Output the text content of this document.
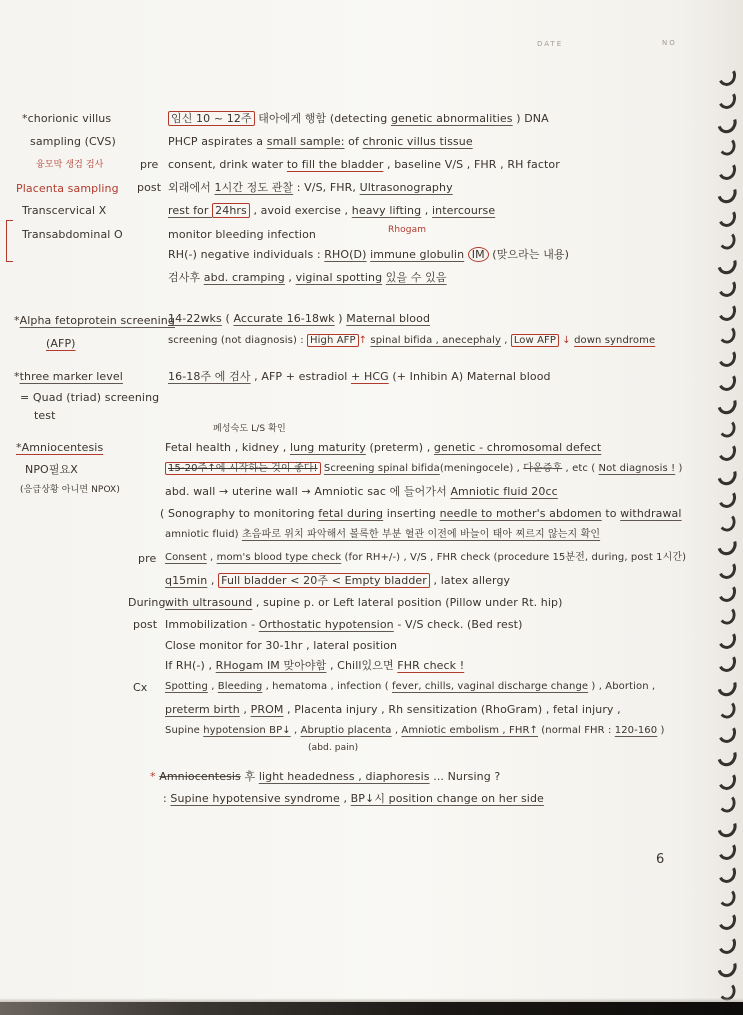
DATE	NO
*chorionic villus
sampling (CVS)
융모막 생검 검사
Placenta sampling
Transcervical X
Transabdominal O
pre
post
임신 10 ~ 12주 태아에게 행함 (detecting genetic abnormalities ) DNA
PHCP aspirates a small sample: of chronic villus tissue
consent, drink water to fill the bladder , baseline V/S , FHR , RH factor
외래에서 1시간 정도 관찰 : V/S, FHR, Ultrasonography
rest for 24hrs , avoid exercise , heavy lifting , intercourse
monitor bleeding infection	Rhogam
RH(-) negative individuals : RHO(D) immune globulin IM (맞으라는 내용)
검사후 abd. cramping , viginal spotting 있을 수 있음
*Alpha fetoprotein screening
(AFP)
14-22wks ( Accurate 16-18wk ) Maternal blood
screening (not diagnosis) : High AFP ↑ spinal bifida , anecephaly , Low AFP ↓ down syndrome
*three marker level
= Quad (triad) screening
test
16-18주 에 검사 , AFP + estradiol + HCG (+ Inhibin A) Maternal blood
폐성숙도 L/S 확인
*Amniocentesis
NPO필요X
(응급상황 아니면 NPOX)
Fetal health , kidney , lung maturity (preterm) , genetic - chromosomal defect
15-20주↑에 시작하는 것이 좋다! Screening spinal bifida(meningocele) , 다운증후 , etc ( Not diagnosis ! )
abd. wall → uterine wall → Amniotic sac 에 들어가서 Amniotic fluid 20cc
( Sonography to monitoring fetal during inserting needle to mother's abdomen to withdrawal
amniotic fluid) 초음파로 위치 파악해서 볼록한 부분 혈관 이전에 바늘이 태아 찌르지 않는지 확인
pre Consent , mom's blood type check (for RH+/-) , V/S , FHR check (procedure 15분전, during, post 1시간)
q15min , Full bladder < 20주 < Empty bladder , latex allergy
During with ultrasound , supine p. or Left lateral position (Pillow under Rt. hip)
post Immobilization - Orthostatic hypotension - V/S check. (Bed rest)
Close monitor for 30-1hr , lateral position
If RH(-) , RHogam IM 맞아야함 , Chill있으면 FHR check !
Cx Spotting , Bleeding , hematoma , infection ( fever, chills, vaginal discharge change ) , Abortion ,
preterm birth , PROM , Placenta injury , Rh sensitization (RhoGram) , fetal injury ,
Supine hypotension BP↓ , Abruptio placenta , Amniotic embolism , FHR↑ (normal FHR : 120-160 )
(abd. pain)
* Amniocentesis 후 light headedness , diaphoresis ... Nursing ?
: Supine hypotensive syndrome , BP↓시 position change on her side
6
